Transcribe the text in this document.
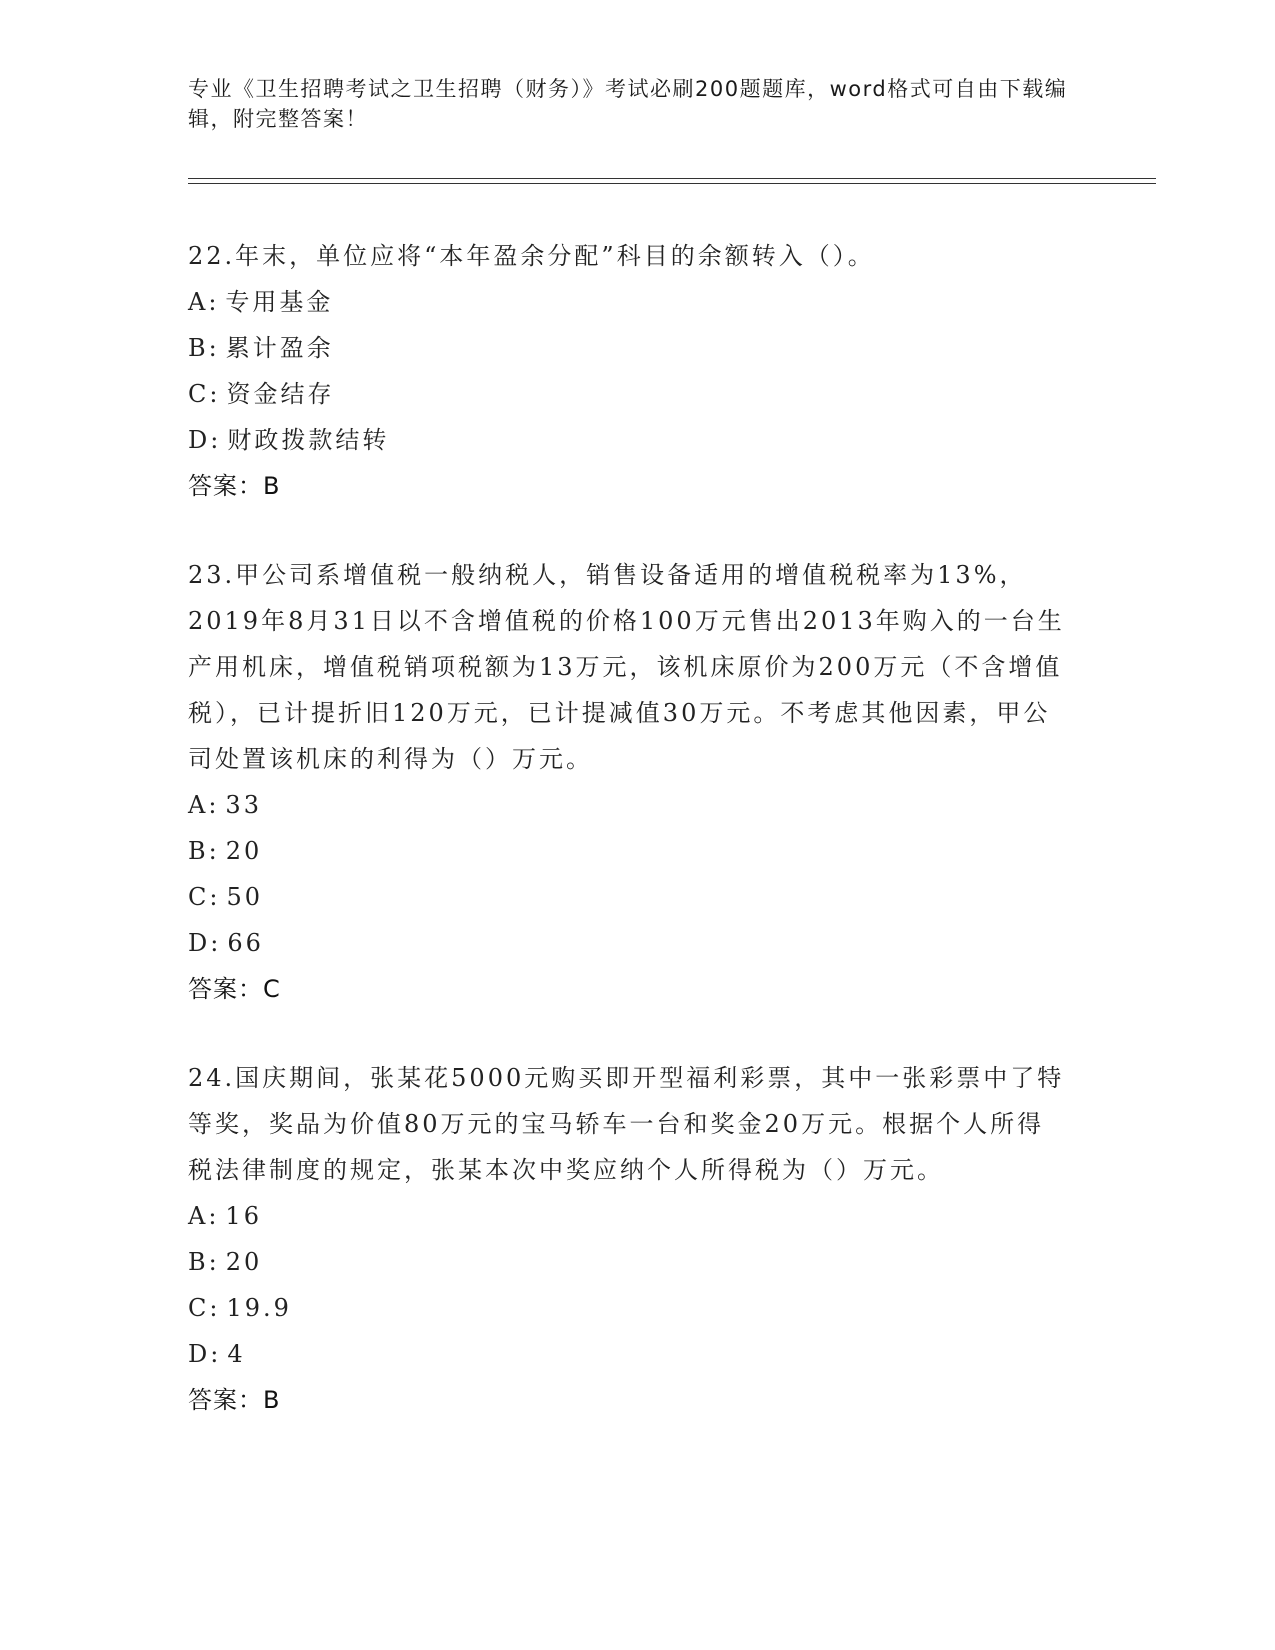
专业《卫生招聘考试之卫生招聘（财务）》考试必刷200题题库，word格式可自由下载编辑，附完整答案！

22.年末，单位应将“本年盈余分配”科目的余额转入（）。

A: 专用基金

B: 累计盈余

C: 资金结存

D: 财政拨款结转

答案：B

23.甲公司系增值税一般纳税人，销售设备适用的增值税税率为13%，2019年8月31日以不含增值税的价格100万元售出2013年购入的一台生产用机床，增值税销项税额为13万元，该机床原价为200万元（不含增值税），已计提折旧120万元，已计提减值30万元。不考虑其他因素，甲公司处置该机床的利得为（）万元。

A: 33

B: 20

C: 50

D: 66

答案：C

24.国庆期间，张某花5000元购买即开型福利彩票，其中一张彩票中了特等奖，奖品为价值80万元的宝马轿车一台和奖金20万元。根据个人所得税法律制度的规定，张某本次中奖应纳个人所得税为（）万元。

A: 16

B: 20

C: 19.9

D: 4

答案：B
